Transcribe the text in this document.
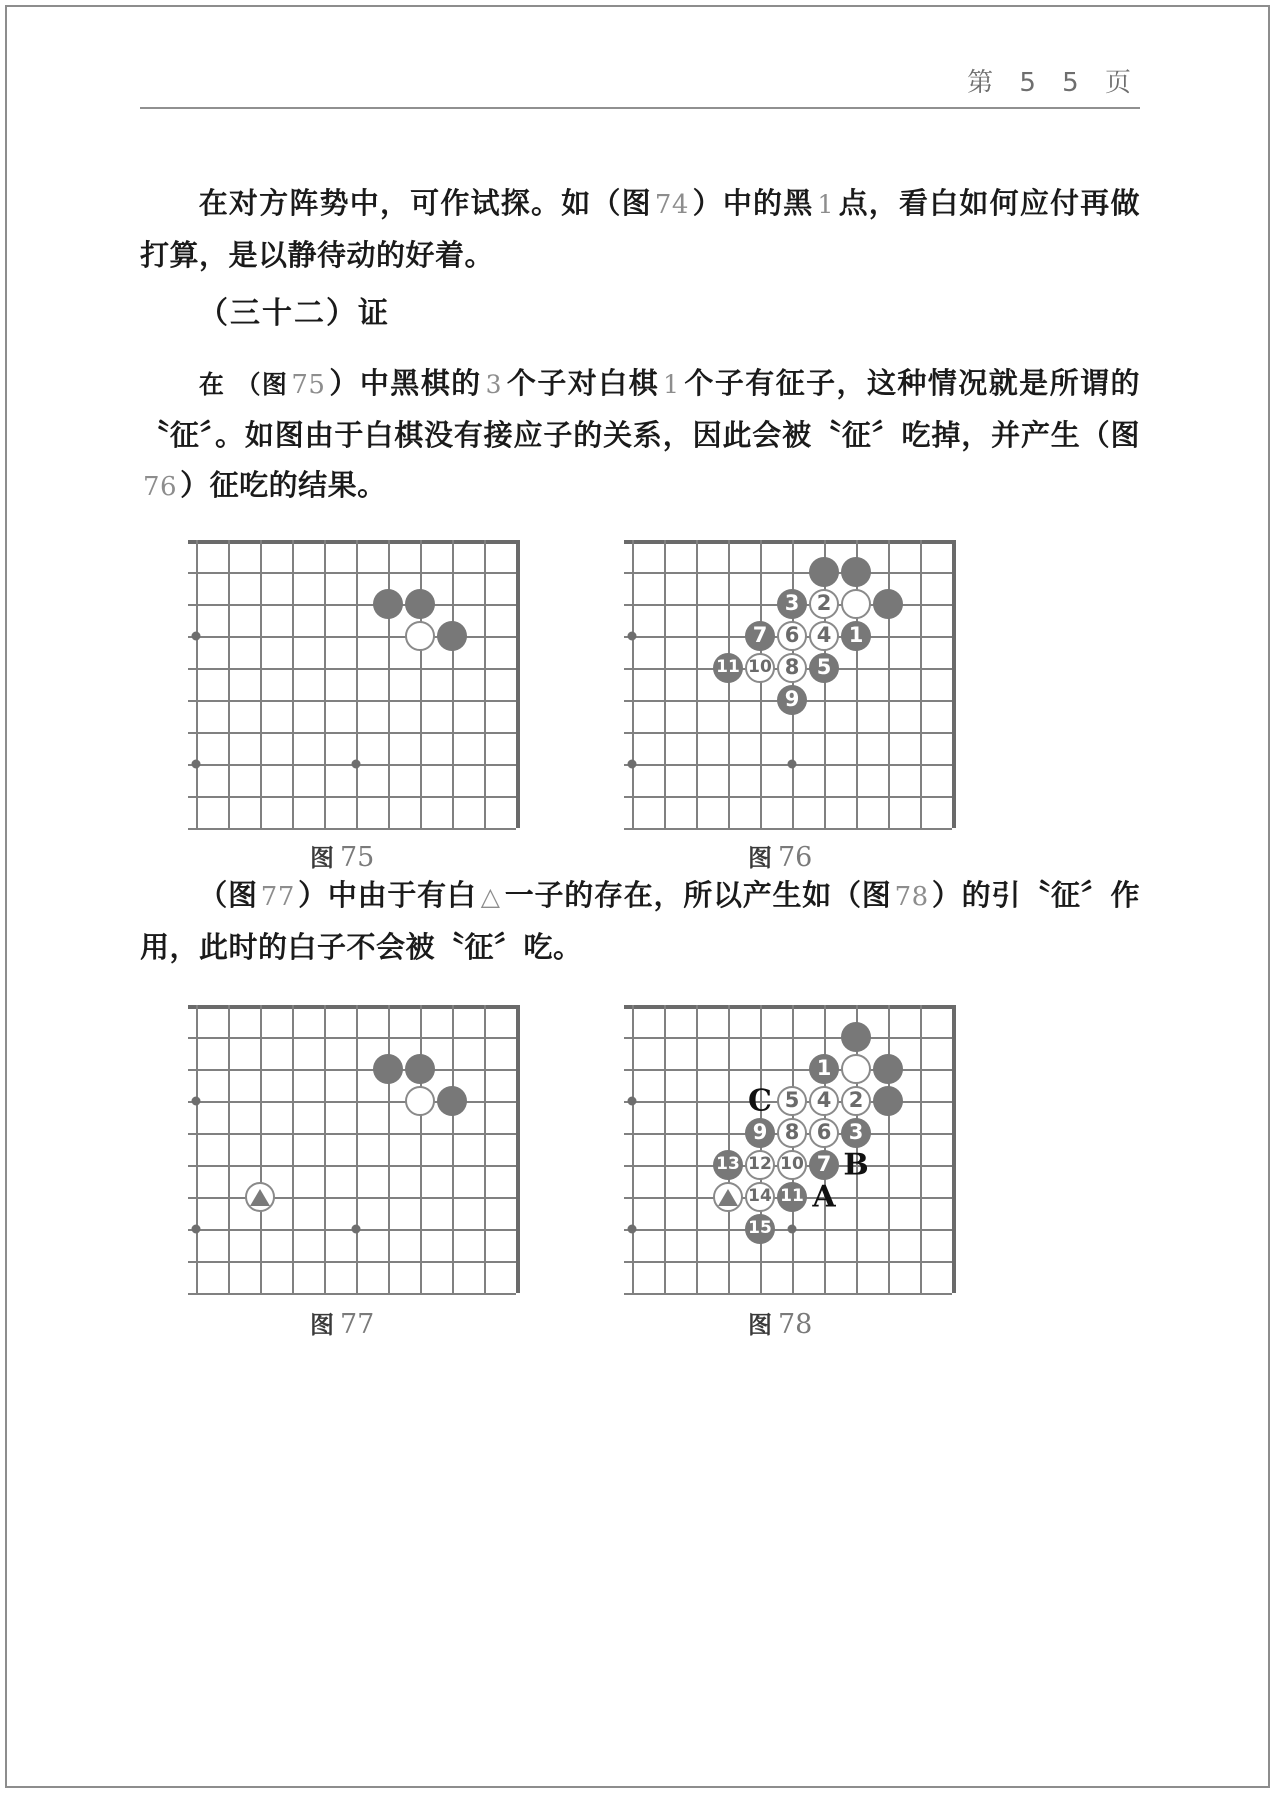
第 5 5 页
在对方阵势中，可作试探。如（图 74 ）中的黑 1 点，看白如何应付再做打算，是以静待动的好着。
（三十二）证
在 （图 75 ）中黑棋的 3 个子对白棋 1 个子有征子，这种情况就是所谓的〝征〞。如图由于白棋没有接应子的关系，因此会被〝征〞吃掉，并产生（图76 ）征吃的结果。
（图 77 ）中由于有白 △ 一子的存在，所以产生如（图 78 ）的引〝征〞作用，此时的白子不会被〝征〞吃。
3 2
7 6 4 1
11 10 8 5
9
C
B
A
1
5 4 2
9 8 6 3
13 12 10 7
14 11
15
图 75	图 76
图 77	图 78
